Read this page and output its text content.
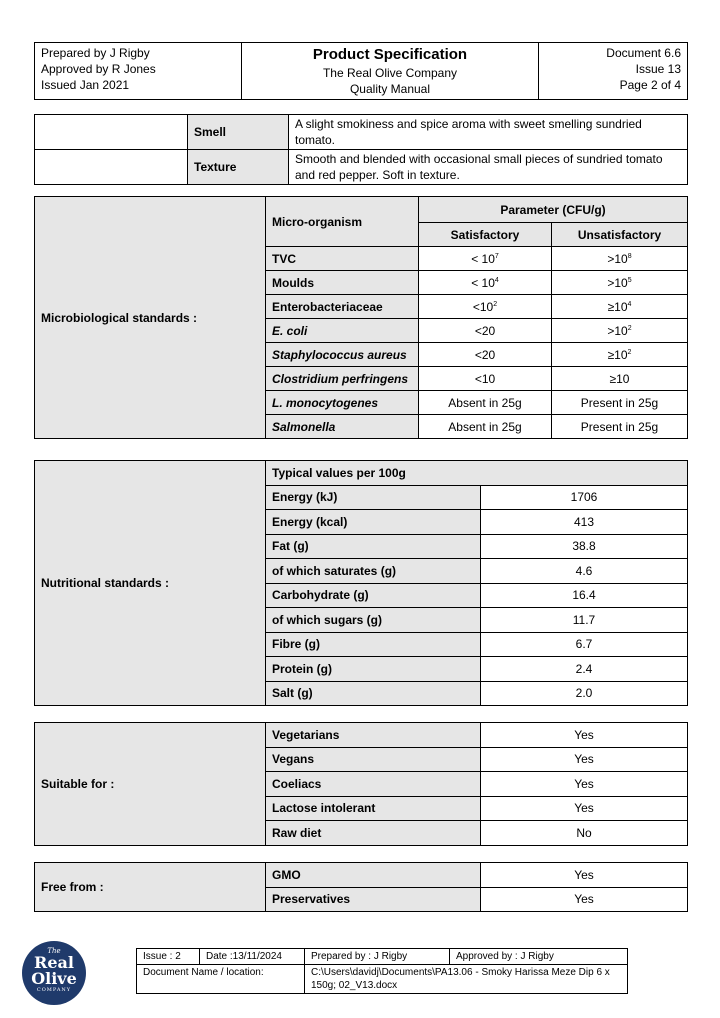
Prepared by J Rigby
Approved by R Jones
Issued Jan 2021

Product Specification
The Real Olive Company
Quality Manual

Document 6.6
Issue 13
Page 2 of 4
	Smell	A slight smokiness and spice aroma with sweet smelling sundried tomato.
	Texture	Smooth and blended with occasional small pieces of sundried tomato and red pepper. Soft in texture.
Microbiological standards :	Micro-organism	Parameter (CFU/g)	
		Satisfactory	Unsatisfactory
	TVC	< $10^7$	$>10^8$
	Moulds	< $10^4$	$>10^5$
	Enterobacteriaceae	$<10^2$	$\ge 10^4$
	E. coli	<20	$>10^2$
	Staphylococcus aureus	<20	$\ge 10^2$
	Clostridium perfringens	<10	≥10
	L. monocytogenes	Absent in 25g	Present in 25g
	Salmonella	Absent in 25g	Present in 25g
Nutritional standards :	Typical values per 100g	
	Energy (kJ)	1706
	Energy (kcal)	413
	Fat (g)	38.8
	of which saturates (g)	4.6
	Carbohydrate (g)	16.4
	of which sugars (g)	11.7
	Fibre (g)	6.7
	Protein (g)	2.4
	Salt (g)	2.0
Suitable for :	Vegetarians	Yes
	Vegans	Yes
	Coeliacs	Yes
	Lactose intolerant	Yes
	Raw diet	No
Free from :	GMO	Yes
	Preservatives	Yes
The
Real
Olive
COMPANY
Issue : 2	Date :13/11/2024	Prepared by : J Rigby	Approved by : J Rigby
Document Name / location:		C:\Users\davidj\Documents\PA13.06 - Smoky Harissa Meze Dip 6 x 150g; 02_V13.docx	
